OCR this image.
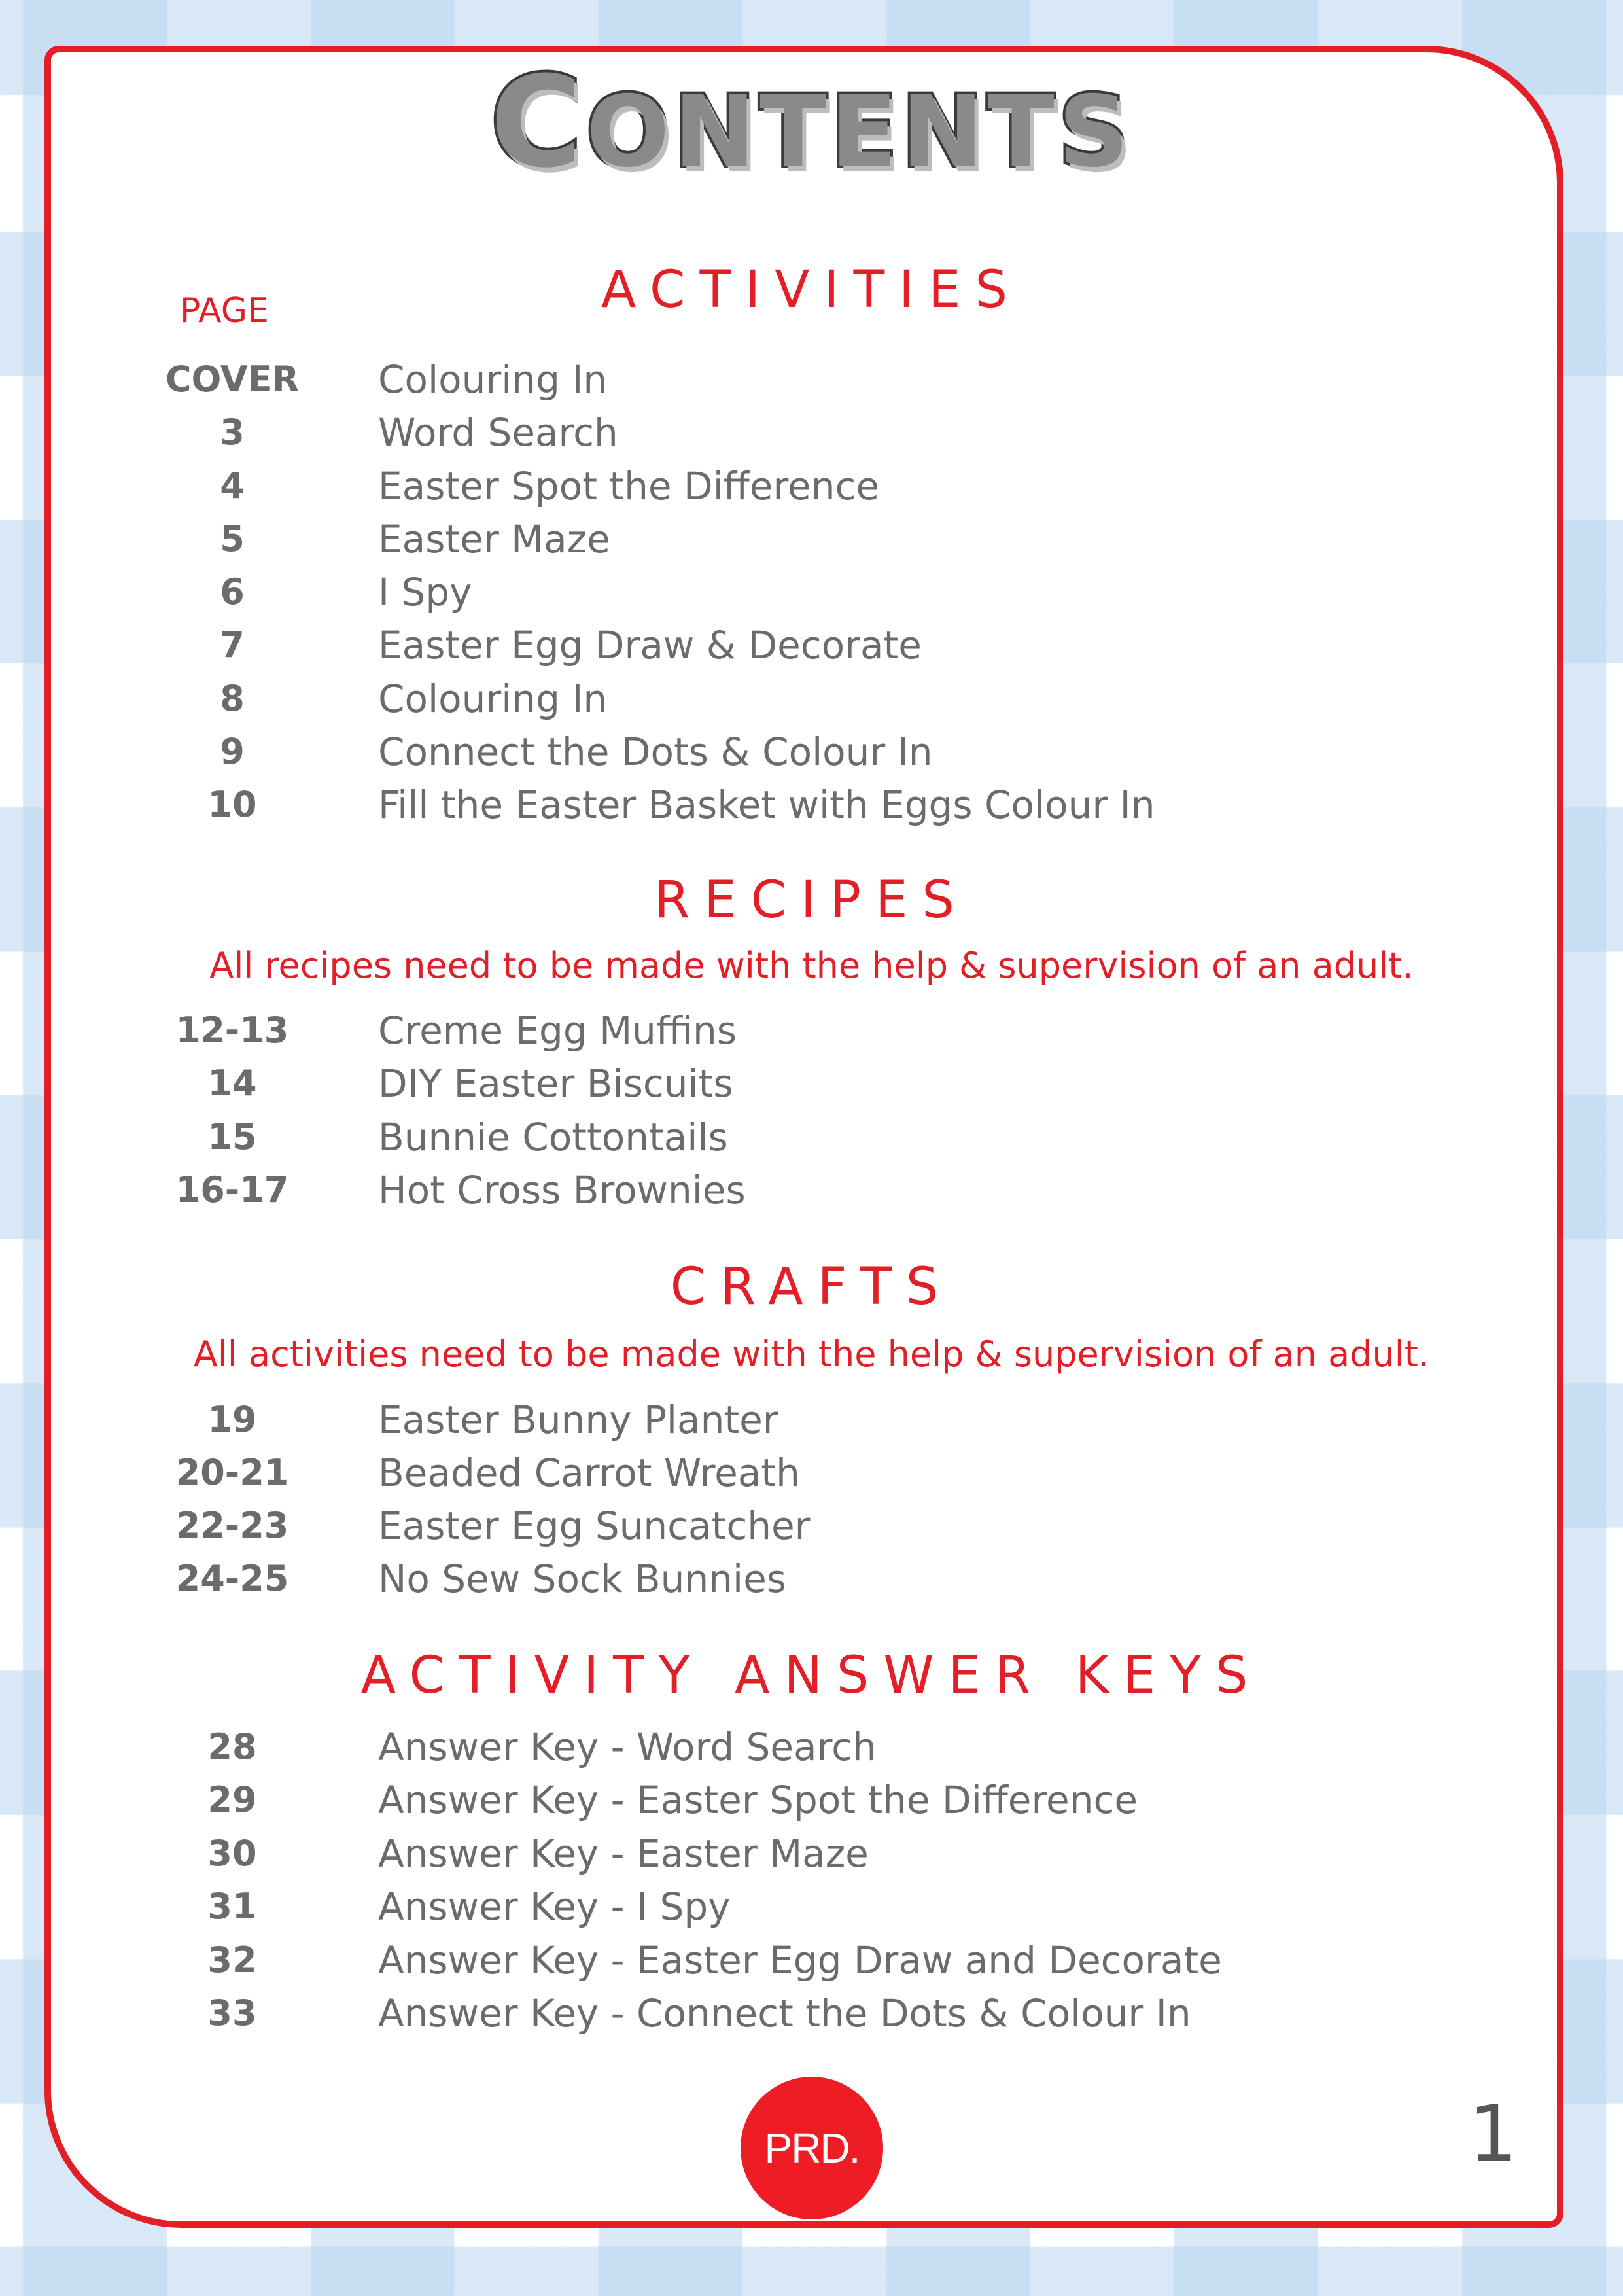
CONTENTS
PAGE	ACTIVITIES
COVER	Colouring In
3	Word Search
4	Easter Spot the Difference
5	Easter Maze
6	I Spy
7	Easter Egg Draw & Decorate
8	Colouring In
9	Connect the Dots & Colour In
10	Fill the Easter Basket with Eggs Colour In
RECIPES
All recipes need to be made with the help & supervision of an adult.
12-13	Creme Egg Muffins
14	DIY Easter Biscuits
15	Bunnie Cottontails
16-17	Hot Cross Brownies
CRAFTS
All activities need to be made with the help & supervision of an adult.
19	Easter Bunny Planter
20-21	Beaded Carrot Wreath
22-23	Easter Egg Suncatcher
24-25	No Sew Sock Bunnies
ACTIVITY ANSWER KEYS
28	Answer Key - Word Search
29	Answer Key - Easter Spot the Difference
30	Answer Key - Easter Maze
31	Answer Key - I Spy
32	Answer Key - Easter Egg Draw and Decorate
33	Answer Key - Connect the Dots & Colour In
PRD.	1
